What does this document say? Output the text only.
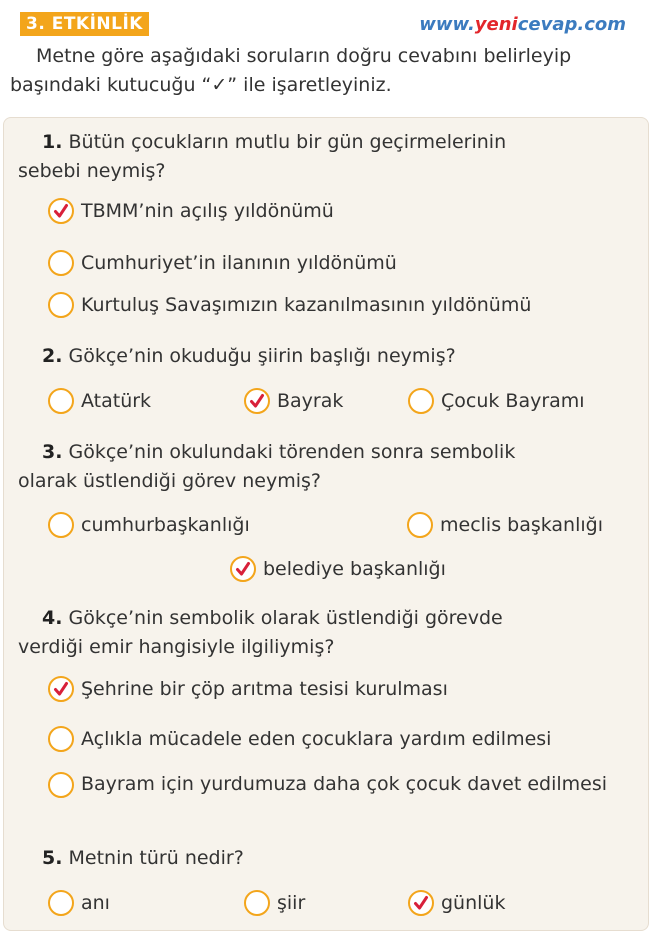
3. ETKİNLİK	www.yenicevap.com
Metne göre aşağıdaki soruların doğru cevabını belirleyip
başındaki kutucuğu “✓” ile işaretleyiniz.
1. Bütün çocukların mutlu bir gün geçirmelerinin
sebebi neymiş?
TBMM’nin açılış yıldönümü
Cumhuriyet’in ilanının yıldönümü
Kurtuluş Savaşımızın kazanılmasının yıldönümü
2. Gökçe’nin okuduğu şiirin başlığı neymiş?
Atatürk	Bayrak	Çocuk Bayramı
3. Gökçe’nin okulundaki törenden sonra sembolik
olarak üstlendiği görev neymiş?
cumhurbaşkanlığı	meclis başkanlığı
belediye başkanlığı
4. Gökçe’nin sembolik olarak üstlendiği görevde
verdiği emir hangisiyle ilgiliymiş?
Şehrine bir çöp arıtma tesisi kurulması
Açlıkla mücadele eden çocuklara yardım edilmesi
Bayram için yurdumuza daha çok çocuk davet edilmesi
5. Metnin türü nedir?
anı	şiir	günlük
